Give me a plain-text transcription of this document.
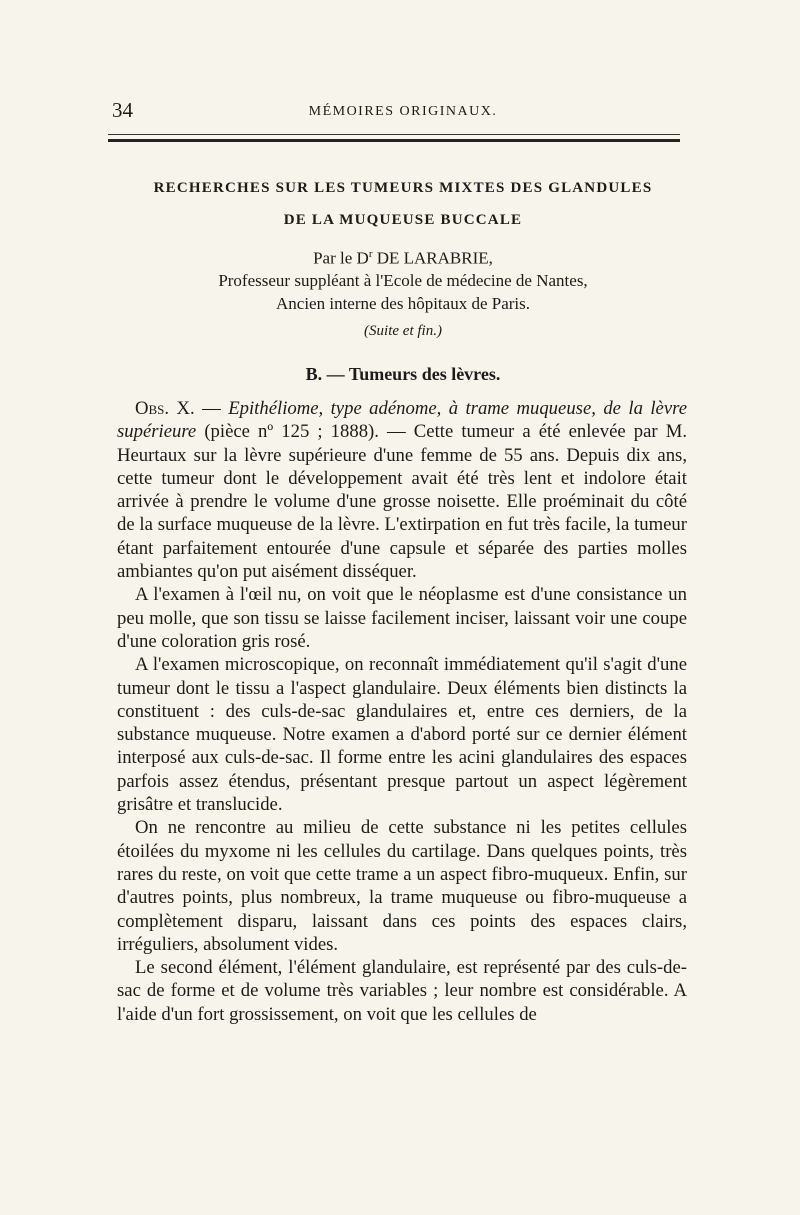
34	MÉMOIRES ORIGINAUX.
RECHERCHES SUR LES TUMEURS MIXTES DES GLANDULES
DE LA MUQUEUSE BUCCALE
Par le $D^r$ DE LARABRIE,
Professeur suppléant à l'Ecole de médecine de Nantes,
Ancien interne des hôpitaux de Paris.
(Suite et fin.)
B. — Tumeurs des lèvres.

Obs. X. — Epithéliome, type adénome, à trame muqueuse, de la lèvre supérieure (pièce nº 125 ; 1888). — Cette tumeur a été enlevée par M. Heurtaux sur la lèvre supérieure d'une femme de 55 ans. Depuis dix ans, cette tumeur dont le développement avait été très lent et indolore était arrivée à prendre le volume d'une grosse noisette. Elle proéminait du côté de la surface muqueuse de la lèvre. L'extirpation en fut très facile, la tumeur étant parfaitement entourée d'une capsule et séparée des parties molles ambiantes qu'on put aisément disséquer.

A l'examen à l'œil nu, on voit que le néoplasme est d'une consistance un peu molle, que son tissu se laisse facilement inciser, laissant voir une coupe d'une coloration gris rosé.

A l'examen microscopique, on reconnaît immédiatement qu'il s'agit d'une tumeur dont le tissu a l'aspect glandulaire. Deux éléments bien distincts la constituent : des culs-de-sac glandulaires et, entre ces derniers, de la substance muqueuse. Notre examen a d'abord porté sur ce dernier élément interposé aux culs-de-sac. Il forme entre les acini glandulaires des espaces parfois assez étendus, présentant presque partout un aspect légèrement grisâtre et translucide.

On ne rencontre au milieu de cette substance ni les petites cellules étoilées du myxome ni les cellules du cartilage. Dans quelques points, très rares du reste, on voit que cette trame a un aspect fibro-muqueux. Enfin, sur d'autres points, plus nombreux, la trame muqueuse ou fibro-muqueuse a complètement disparu, laissant dans ces points des espaces clairs, irréguliers, absolument vides.

Le second élément, l'élément glandulaire, est représenté par des culs-de-sac de forme et de volume très variables ; leur nombre est considérable. A l'aide d'un fort grossissement, on voit que les cellules de
